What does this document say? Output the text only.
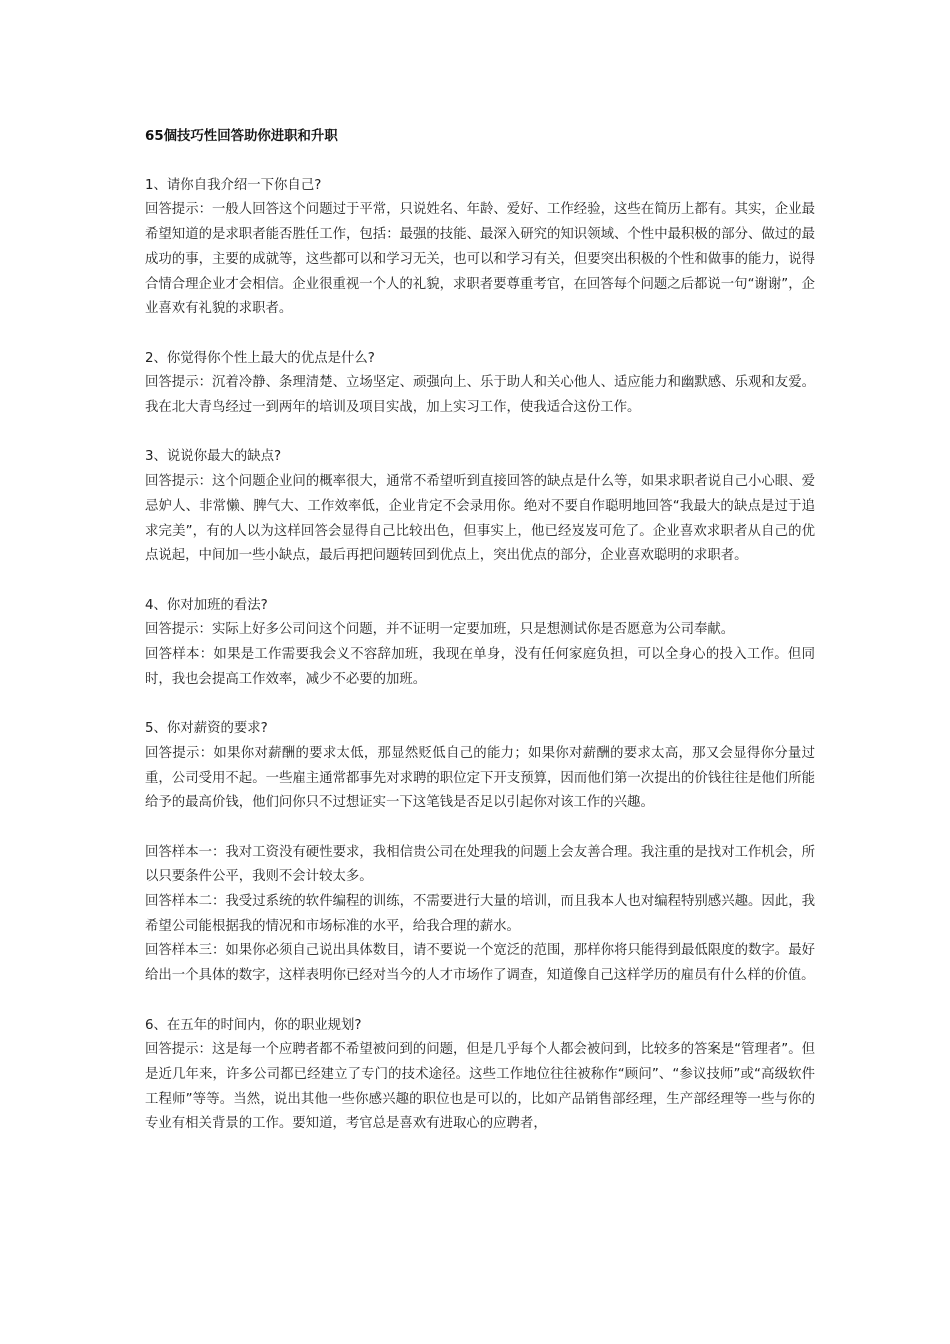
65個技巧性回答助你进职和升职

1、请你自我介绍一下你自己?

回答提示：一般人回答这个问题过于平常，只说姓名、年龄、爱好、工作经验，这些在简历上都有。其实，企业最希望知道的是求职者能否胜任工作，包括：最强的技能、最深入研究的知识领域、个性中最积极的部分、做过的最成功的事，主要的成就等，这些都可以和学习无关，也可以和学习有关，但要突出积极的个性和做事的能力，说得合情合理企业才会相信。企业很重视一个人的礼貌，求职者要尊重考官，在回答每个问题之后都说一句“谢谢”，企业喜欢有礼貌的求职者。

2、你觉得你个性上最大的优点是什么?

回答提示：沉着冷静、条理清楚、立场坚定、顽强向上、乐于助人和关心他人、适应能力和幽默感、乐观和友爱。我在北大青鸟经过一到两年的培训及项目实战，加上实习工作，使我适合这份工作。

3、说说你最大的缺点?

回答提示：这个问题企业问的概率很大，通常不希望听到直接回答的缺点是什么等，如果求职者说自己小心眼、爱忌妒人、非常懒、脾气大、工作效率低，企业肯定不会录用你。绝对不要自作聪明地回答“我最大的缺点是过于追求完美”，有的人以为这样回答会显得自己比较出色，但事实上，他已经岌岌可危了。企业喜欢求职者从自己的优点说起，中间加一些小缺点，最后再把问题转回到优点上，突出优点的部分，企业喜欢聪明的求职者。

4、你对加班的看法?

回答提示：实际上好多公司问这个问题，并不证明一定要加班，只是想测试你是否愿意为公司奉献。

回答样本：如果是工作需要我会义不容辞加班，我现在单身，没有任何家庭负担，可以全身心的投入工作。但同时，我也会提高工作效率，减少不必要的加班。

5、你对薪资的要求?

回答提示：如果你对薪酬的要求太低，那显然贬低自己的能力；如果你对薪酬的要求太高，那又会显得你分量过重，公司受用不起。一些雇主通常都事先对求聘的职位定下开支预算，因而他们第一次提出的价钱往往是他们所能给予的最高价钱，他们问你只不过想证实一下这笔钱是否足以引起你对该工作的兴趣。

回答样本一：我对工资没有硬性要求，我相信贵公司在处理我的问题上会友善合理。我注重的是找对工作机会，所以只要条件公平，我则不会计较太多。

回答样本二：我受过系统的软件编程的训练，不需要进行大量的培训，而且我本人也对编程特别感兴趣。因此，我希望公司能根据我的情况和市场标准的水平，给我合理的薪水。

回答样本三：如果你必须自己说出具体数目，请不要说一个宽泛的范围，那样你将只能得到最低限度的数字。最好给出一个具体的数字，这样表明你已经对当今的人才市场作了调查，知道像自己这样学历的雇员有什么样的价值。

6、在五年的时间内，你的职业规划?

回答提示：这是每一个应聘者都不希望被问到的问题，但是几乎每个人都会被问到，比较多的答案是“管理者”。但是近几年来，许多公司都已经建立了专门的技术途径。这些工作地位往往被称作“顾问”、“参议技师”或“高级软件工程师”等等。当然，说出其他一些你感兴趣的职位也是可以的，比如产品销售部经理，生产部经理等一些与你的专业有相关背景的工作。要知道，考官总是喜欢有进取心的应聘者，
